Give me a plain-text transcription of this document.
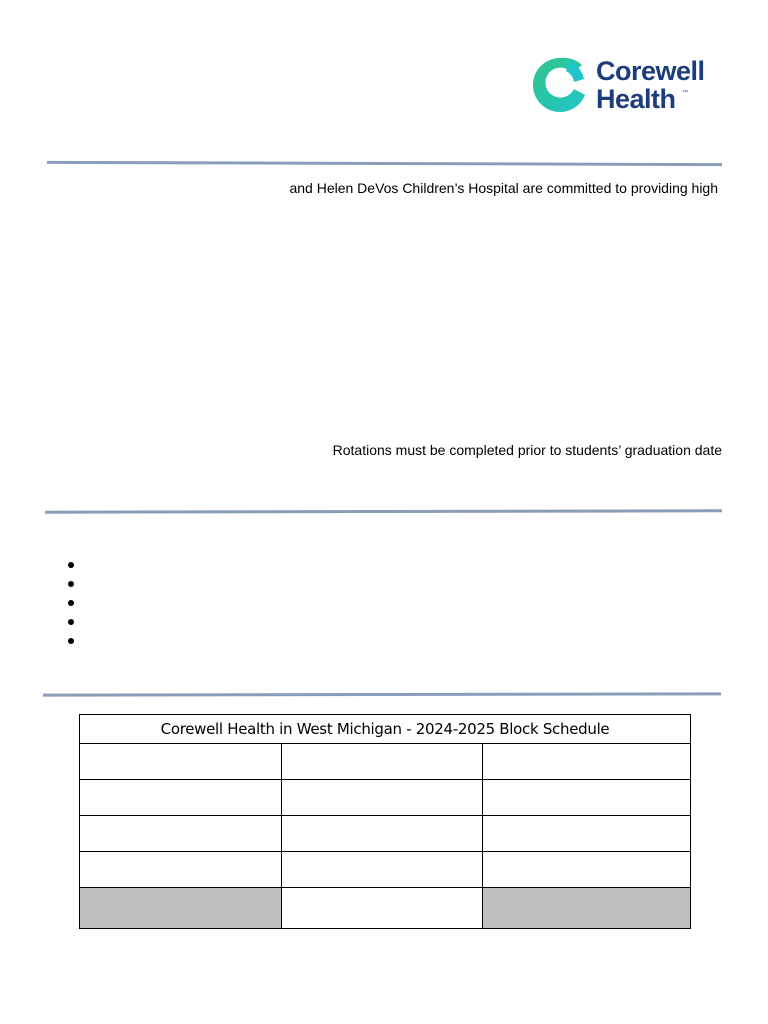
Corewell
Health	™
and Helen DeVos Children’s Hospital are committed to providing high
Rotations must be completed prior to students’ graduation date
Corewell Health in West Michigan - 2024-2025 Block Schedule		
